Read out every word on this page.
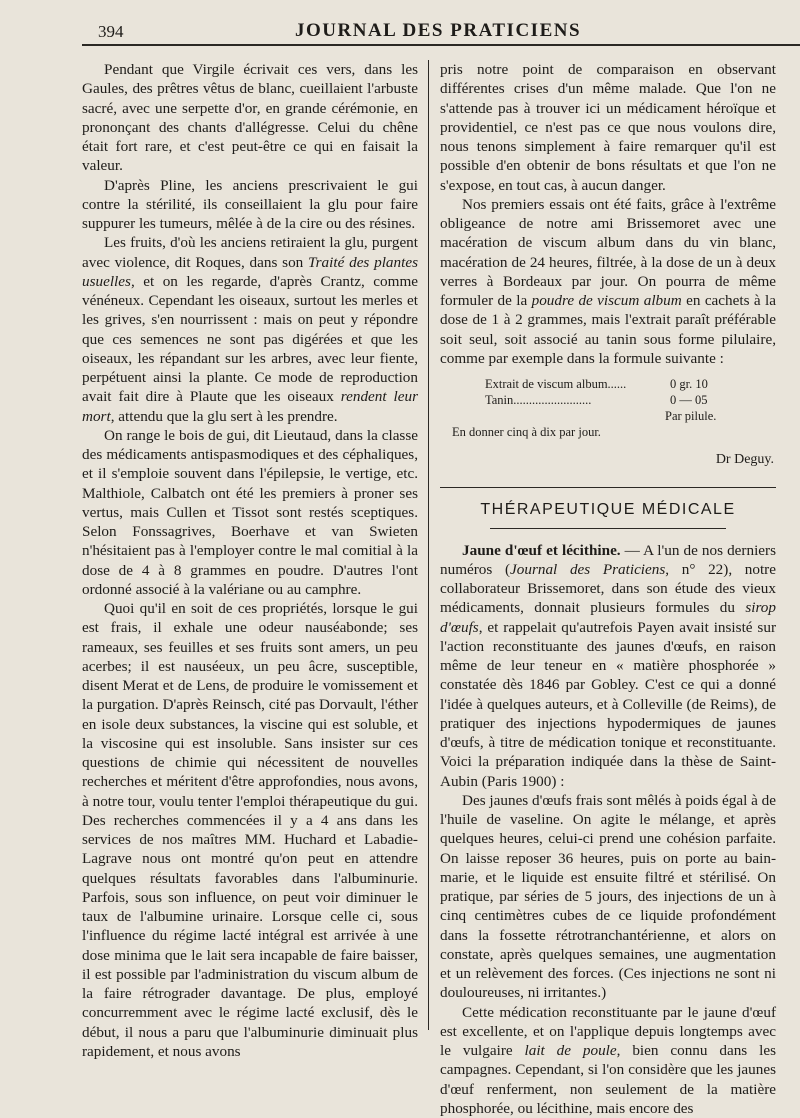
394	JOURNAL DES PRATICIENS

Pendant que Virgile écrivait ces vers, dans les Gaules, des prêtres vêtus de blanc, cueillaient l'arbuste sacré, avec une serpette d'or, en grande cérémonie, en prononçant des chants d'allégresse. Celui du chêne était fort rare, et c'est peut-être ce qui en faisait la valeur.

D'après Pline, les anciens prescrivaient le gui contre la stérilité, ils conseillaient la glu pour faire suppurer les tumeurs, mêlée à de la cire ou des résines.

Les fruits, d'où les anciens retiraient la glu, purgent avec violence, dit Roques, dans son Traité des plantes usuelles, et on les regarde, d'après Crantz, comme vénéneux. Cependant les oiseaux, surtout les merles et les grives, s'en nourrissent : mais on peut y répondre que ces semences ne sont pas digérées et que les oiseaux, les répandant sur les arbres, avec leur fiente, perpétuent ainsi la plante. Ce mode de reproduction avait fait dire à Plaute que les oiseaux rendent leur mort, attendu que la glu sert à les prendre.

On range le bois de gui, dit Lieutaud, dans la classe des médicaments antispasmodiques et des céphaliques, et il s'emploie souvent dans l'épilepsie, le vertige, etc. Malthiole, Calbatch ont été les premiers à proner ses vertus, mais Cullen et Tissot sont restés sceptiques. Selon Fonssagrives, Boerhave et van Swieten n'hésitaient pas à l'employer contre le mal comitial à la dose de 4 à 8 grammes en poudre. D'autres l'ont ordonné associé à la valériane ou au camphre.

Quoi qu'il en soit de ces propriétés, lorsque le gui est frais, il exhale une odeur nauséabonde; ses rameaux, ses feuilles et ses fruits sont amers, un peu acerbes; il est nauséeux, un peu âcre, susceptible, disent Merat et de Lens, de produire le vomissement et la purgation. D'après Reinsch, cité pas Dorvault, l'éther en isole deux substances, la viscine qui est soluble, et la viscosine qui est insoluble. Sans insister sur ces questions de chimie qui nécessitent de nouvelles recherches et méritent d'être approfondies, nous avons, à notre tour, voulu tenter l'emploi thérapeutique du gui. Des recherches commencées il y a 4 ans dans les services de nos maîtres MM. Huchard et Labadie-Lagrave nous ont montré qu'on peut en attendre quelques résultats favorables dans l'albuminurie. Parfois, sous son influence, on peut voir diminuer le taux de l'albumine urinaire. Lorsque celle ci, sous l'influence du régime lacté intégral est arrivée à une dose minima que le lait sera incapable de faire baisser, il est possible par l'administration du viscum album de la faire rétrograder davantage. De plus, employé concurremment avec le régime lacté exclusif, dès le début, il nous a paru que l'albuminurie diminuait plus rapidement, et nous avons

pris notre point de comparaison en observant différentes crises d'un même malade. Que l'on ne s'attende pas à trouver ici un médicament héroïque et providentiel, ce n'est pas ce que nous voulons dire, nous tenons simplement à faire remarquer qu'il est possible d'en obtenir de bons résultats et que l'on ne s'expose, en tout cas, à aucun danger.

Nos premiers essais ont été faits, grâce à l'extrême obligeance de notre ami Brissemoret avec une macération de viscum album dans du vin blanc, macération de 24 heures, filtrée, à la dose de un à deux verres à Bordeaux par jour. On pourra de même formuler de la poudre de viscum album en cachets à la dose de 1 à 2 grammes, mais l'extrait paraît préférable soit seul, soit associé au tanin sous forme pilulaire, comme par exemple dans la formule suivante :

Extrait de viscum album......	0 gr. 10
Tanin.........................	0 — 05
Par pilule.
En donner cinq à dix par jour.
Dr Deguy.
THÉRAPEUTIQUE MÉDICALE

Jaune d'œuf et lécithine. — A l'un de nos derniers numéros (Journal des Praticiens, n° 22), notre collaborateur Brissemoret, dans son étude des vieux médicaments, donnait plusieurs formules du sirop d'œufs, et rappelait qu'autrefois Payen avait insisté sur l'action reconstituante des jaunes d'œufs, en raison même de leur teneur en « matière phosphorée » constatée dès 1846 par Gobley. C'est ce qui a donné l'idée à quelques auteurs, et à Colleville (de Reims), de pratiquer des injections hypodermiques de jaunes d'œufs, à titre de médication tonique et reconstituante. Voici la préparation indiquée dans la thèse de Saint-Aubin (Paris 1900) :

Des jaunes d'œufs frais sont mêlés à poids égal à de l'huile de vaseline. On agite le mélange, et après quelques heures, celui-ci prend une cohésion parfaite. On laisse reposer 36 heures, puis on porte au bain-marie, et le liquide est ensuite filtré et stérilisé. On pratique, par séries de 5 jours, des injections de un à cinq centimètres cubes de ce liquide profondément dans la fossette rétrotranchantérienne, et alors on constate, après quelques semaines, une augmentation et un relèvement des forces. (Ces injections ne sont ni douloureuses, ni irritantes.)

Cette médication reconstituante par le jaune d'œuf est excellente, et on l'applique depuis longtemps avec le vulgaire lait de poule, bien connu dans les campagnes. Cependant, si l'on considère que les jaunes d'œuf renferment, non seulement de la matière phosphorée, ou lécithine, mais encore des
